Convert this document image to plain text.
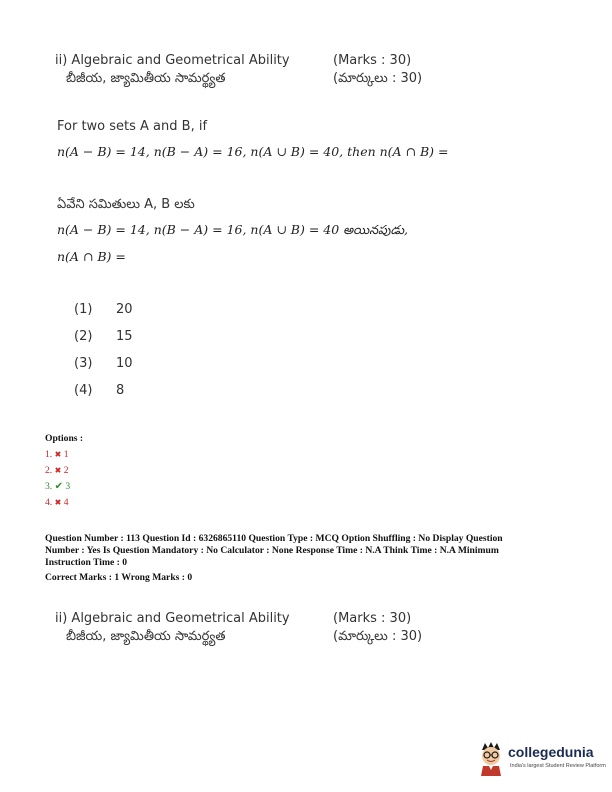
ii) Algebraic and Geometrical Ability	(Marks : 30)
బీజీయ, జ్యామితీయ సామర్థ్యత	(మార్కులు : 30)
For two sets A and B, if
n(A − B) = 14, n(B − A) = 16, n(A ∪ B) = 40, then n(A ∩ B) =
ఏవేని సమితులు A, B లకు
n(A − B) = 14, n(B − A) = 16, n(A ∪ B) = 40 అయినపుడు,
n(A ∩ B) =
(1) 20
(2) 15
(3) 10
(4) 8
Options :
1. ✖ 1
2. ✖ 2
3. ✔ 3
4. ✖ 4
Question Number : 113 Question Id : 6326865110 Question Type : MCQ Option Shuffling : No Display Question
Number : Yes Is Question Mandatory : No Calculator : None Response Time : N.A Think Time : N.A Minimum
Instruction Time : 0
Correct Marks : 1 Wrong Marks : 0
ii) Algebraic and Geometrical Ability	(Marks : 30)
బీజీయ, జ్యామితీయ సామర్థ్యత	(మార్కులు : 30)
collegedunia
India's largest Student Review Platform
